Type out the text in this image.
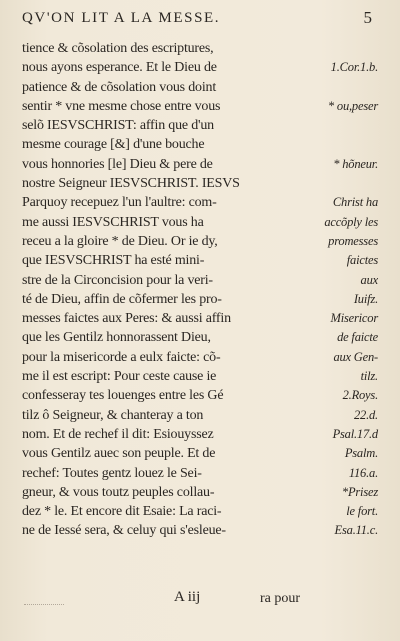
QV'ON LIT A LA MESSE.	5
tience & cõsolation des escriptures,
nous ayons esperance. Et le Dieu de	1.Cor.1.b.
patience & de cõsolation vous doint
sentir * vne mesme chose entre vous	* ou,peser
selõ IESVSCHRIST: affin que d'un
mesme courage [&] d'une bouche
vous honnories [le] Dieu & pere de	* hõneur.
nostre Seigneur IESVSCHRIST. IESVS
Parquoy recepuez l'un l'aultre: com-	Christ ha
me aussi IESVSCHRIST vous ha	accõply les
receu a la gloire * de Dieu. Or ie dy,	promesses
que IESVSCHRIST ha esté mini-	faictes
stre de la Circoncision pour la veri-	aux
té de Dieu, affin de cõfermer les pro-	Iuifz.
messes faictes aux Peres: & aussi affin	Misericor
que les Gentilz honnorassent Dieu,	de faicte
pour la misericorde a eulx faicte: cõ-	aux Gen-
me il est escript: Pour ceste cause ie	tilz.
confesseray tes louenges entre les Gé	2.Roys.
tilz ô Seigneur, & chanteray a ton	22.d.
nom. Et de rechef il dit: Esiouyssez	Psal.17.d
vous Gentilz auec son peuple. Et de	Psalm.
rechef: Toutes gentz louez le Sei-	116.a.
gneur, & vous toutz peuples collau-	*Prisez
dez * le. Et encore dit Esaie: La raci-	le fort.
ne de Iessé sera, & celuy qui s'esleue-	Esa.11.c.
A iij	ra pour
